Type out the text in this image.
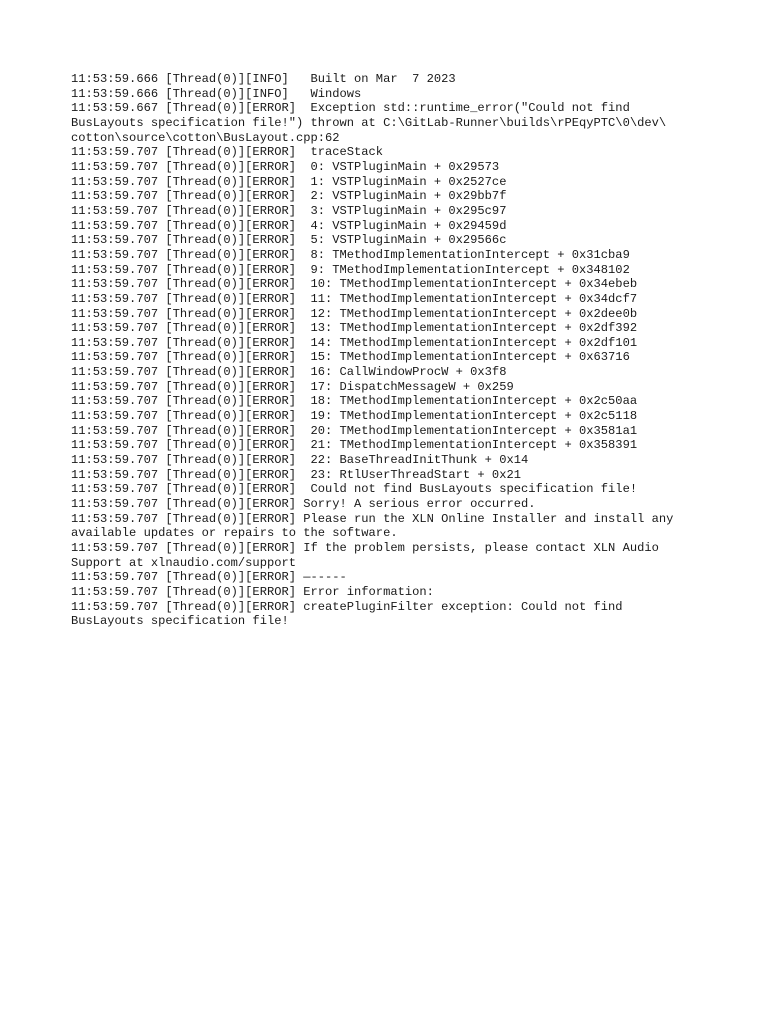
11:53:59.666 [Thread(0)][INFO]   Built on Mar  7 2023

11:53:59.666 [Thread(0)][INFO]   Windows

11:53:59.667 [Thread(0)][ERROR]  Exception std::runtime_error("Could not find
BusLayouts specification file!") thrown at C:\GitLab-Runner\builds\rPEqyPTC\0\dev\
cotton\source\cotton\BusLayout.cpp:62

11:53:59.707 [Thread(0)][ERROR]  traceStack

11:53:59.707 [Thread(0)][ERROR]  0: VSTPluginMain + 0x29573

11:53:59.707 [Thread(0)][ERROR]  1: VSTPluginMain + 0x2527ce

11:53:59.707 [Thread(0)][ERROR]  2: VSTPluginMain + 0x29bb7f

11:53:59.707 [Thread(0)][ERROR]  3: VSTPluginMain + 0x295c97

11:53:59.707 [Thread(0)][ERROR]  4: VSTPluginMain + 0x29459d

11:53:59.707 [Thread(0)][ERROR]  5: VSTPluginMain + 0x29566c

11:53:59.707 [Thread(0)][ERROR]  8: TMethodImplementationIntercept + 0x31cba9

11:53:59.707 [Thread(0)][ERROR]  9: TMethodImplementationIntercept + 0x348102

11:53:59.707 [Thread(0)][ERROR]  10: TMethodImplementationIntercept + 0x34ebeb

11:53:59.707 [Thread(0)][ERROR]  11: TMethodImplementationIntercept + 0x34dcf7

11:53:59.707 [Thread(0)][ERROR]  12: TMethodImplementationIntercept + 0x2dee0b

11:53:59.707 [Thread(0)][ERROR]  13: TMethodImplementationIntercept + 0x2df392

11:53:59.707 [Thread(0)][ERROR]  14: TMethodImplementationIntercept + 0x2df101

11:53:59.707 [Thread(0)][ERROR]  15: TMethodImplementationIntercept + 0x63716

11:53:59.707 [Thread(0)][ERROR]  16: CallWindowProcW + 0x3f8

11:53:59.707 [Thread(0)][ERROR]  17: DispatchMessageW + 0x259

11:53:59.707 [Thread(0)][ERROR]  18: TMethodImplementationIntercept + 0x2c50aa

11:53:59.707 [Thread(0)][ERROR]  19: TMethodImplementationIntercept + 0x2c5118

11:53:59.707 [Thread(0)][ERROR]  20: TMethodImplementationIntercept + 0x3581a1

11:53:59.707 [Thread(0)][ERROR]  21: TMethodImplementationIntercept + 0x358391

11:53:59.707 [Thread(0)][ERROR]  22: BaseThreadInitThunk + 0x14

11:53:59.707 [Thread(0)][ERROR]  23: RtlUserThreadStart + 0x21

11:53:59.707 [Thread(0)][ERROR]  Could not find BusLayouts specification file!

11:53:59.707 [Thread(0)][ERROR] Sorry! A serious error occurred.

11:53:59.707 [Thread(0)][ERROR] Please run the XLN Online Installer and install any
available updates or repairs to the software.

11:53:59.707 [Thread(0)][ERROR] If the problem persists, please contact XLN Audio
Support at xlnaudio.com/support

11:53:59.707 [Thread(0)][ERROR] —-----

11:53:59.707 [Thread(0)][ERROR] Error information:

11:53:59.707 [Thread(0)][ERROR] createPluginFilter exception: Could not find
BusLayouts specification file!
